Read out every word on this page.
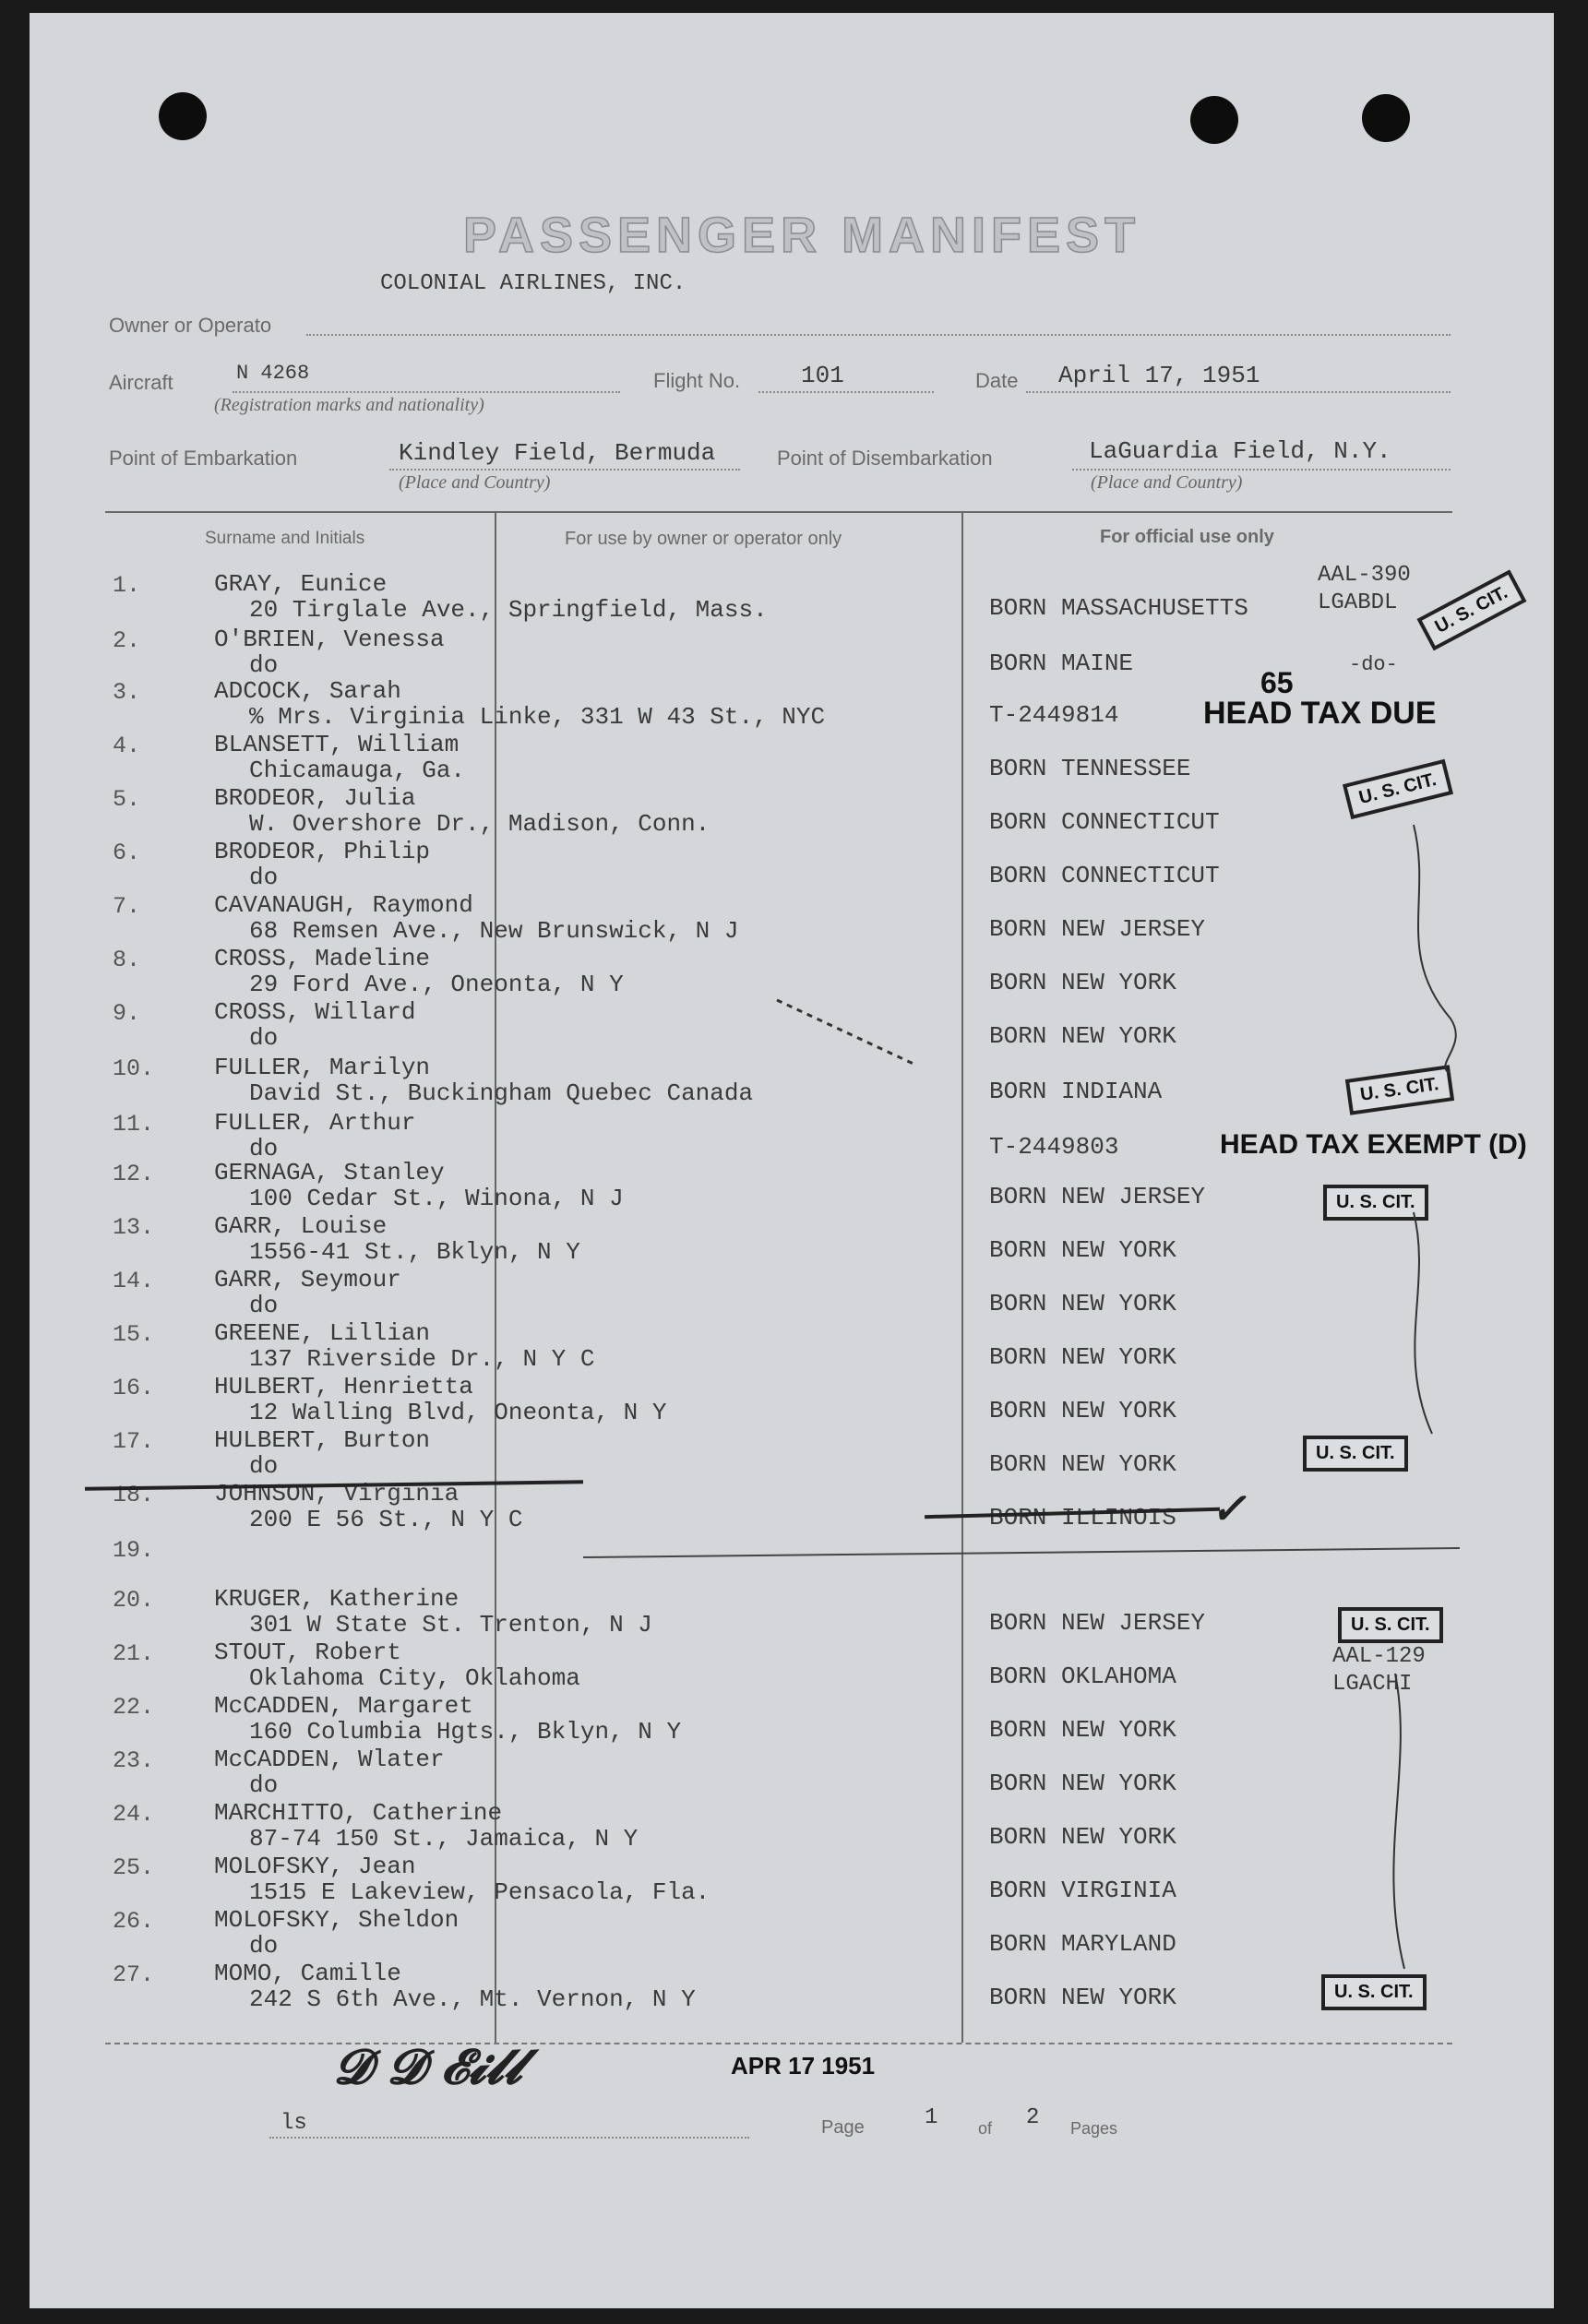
PASSENGER MANIFEST
COLONIAL AIRLINES, INC.
Owner or Operato
Aircraft	N 4268
(Registration marks and nationality)
Flight No.	101	Date April 17, 1951
Point of Embarkation	Kindley Field, Bermuda
(Place and Country)
Point of Disembarkation	LaGuardia Field, N.Y.
(Place and Country)
Surname and Initials	For use by owner or operator only	For official use only
1.	GRAY, Eunice
20 Tirglale Ave., Springfield, Mass.	BORN MASSACHUSETTS
2.	O'BRIEN, Venessa
do	BORN MAINE
3.	ADCOCK, Sarah
% Mrs. Virginia Linke, 331 W 43 St., NYC	T-2449814
4.	BLANSETT, William
Chicamauga, Ga.	BORN TENNESSEE
5.	BRODEOR, Julia
W. Overshore Dr., Madison, Conn.	BORN CONNECTICUT
6.	BRODEOR, Philip
do	BORN CONNECTICUT
7.	CAVANAUGH, Raymond
68 Remsen Ave., New Brunswick, N J	BORN NEW JERSEY
8.	CROSS, Madeline
29 Ford Ave., Oneonta, N Y	BORN NEW YORK
9.	CROSS, Willard
do	BORN NEW YORK
10. FULLER, Marilyn
David St., Buckingham Quebec Canada	BORN INDIANA
11. FULLER, Arthur
do	T-2449803
12. GERNAGA, Stanley
100 Cedar St., Winona, N J	BORN NEW JERSEY
13. GARR, Louise
1556-41 St., Bklyn, N Y	BORN NEW YORK
14. GARR, Seymour
do	BORN NEW YORK
15. GREENE, Lillian
137 Riverside Dr., N Y C	BORN NEW YORK
16. HULBERT, Henrietta
12 Walling Blvd, Oneonta, N Y	BORN NEW YORK
17. HULBERT, Burton
do	BORN NEW YORK
18. JOHNSON, Virginia
200 E 56 St., N Y C	BORN ILLINOIS
19.
20. KRUGER, Katherine
301 W State St. Trenton, N J	BORN NEW JERSEY
21. STOUT, Robert
Oklahoma City, Oklahoma	BORN OKLAHOMA
22. McCADDEN, Margaret
160 Columbia Hgts., Bklyn, N Y	BORN NEW YORK
23. McCADDEN, Wlater
do	BORN NEW YORK
24. MARCHITTO, Catherine
87-74 150 St., Jamaica, N Y	BORN NEW YORK
25. MOLOFSKY, Jean
1515 E Lakeview, Pensacola, Fla.	BORN VIRGINIA
26. MOLOFSKY, Sheldon
do	BORN MARYLAND
27. MOMO, Camille
242 S 6th Ave., Mt. Vernon, N Y	BORN NEW YORK
✓
AAL-390
LGABDL
-do-
65
HEAD TAX DUE
HEAD TAX EXEMPT (D)
AAL-129
LGACHI
U. S. CIT.
U. S. CIT.
U. S. CIT.
U. S. CIT.
U. S. CIT.
U. S. CIT.
U. S. CIT.
𝓓 𝓓 𝓔𝓲𝓵𝓵	APR 17 1951
ls	Page	1 of 2 Pages
